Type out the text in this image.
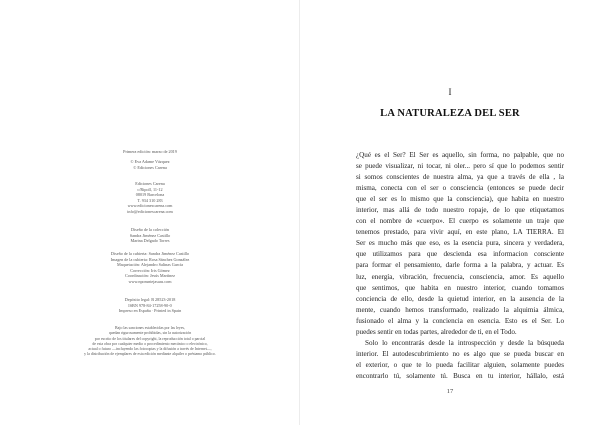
Primera edición: marzo de 2019
© Eva Adame Vázquez
© Ediciones Carena
Ediciones Carena
c/Ripoll, 11-12
08019 Barcelona
T. 934 310 283
www.edicionescarena.com
info@edicionescarena.com
Diseño de la colección
Sandra Jiménez Castillo
Marina Delgado Torres
Diseño de la cubierta: Sandra Jiménez Castillo
Imagen de la cubierta: Rosa Sánchez González
Maquetación: Alejandro Salinas García
Corrección: Iris Gómez
Coordinación: Jesús Martínez
www.nporuntejasaas.com
Depósito legal: B 28523-2018
ISBN 978-84-17258-90-0
Impreso en España · Printed in Spain
Bajo las sanciones establecidas por las leyes,
quedan rigurosamente prohibidas, sin la autorización
por escrito de los titulares del copyright, la reproducción total o parcial
de esta obra por cualquier medio o procedimiento mecánico o electrónico,
actual o futuro —incluyendo las fotocopias y la difusión a través de Internet—,
y la distribución de ejemplares de esta edición mediante alquiler o préstamo público.
I
LA NATURALEZA DEL SER
¿Qué es el Ser? El Ser es aquello, sin forma, no palpable, que no
se puede visualizar, ni tocar, ni oler... pero sí que lo podemos sentir
si somos conscientes de nuestra alma, ya que a través de ella , la
misma, conecta con el ser o consciencia (entonces se puede decir
que el ser es lo mismo que la consciencia), que habita en nuestro
interior, mas allá de todo nuestro ropaje, de lo que etiquetamos
con el nombre de «cuerpo». El cuerpo es solamente un traje que
tenemos prestado, para vivir aquí, en este plano, LA TIERRA. El
Ser es mucho más que eso, es la esencia pura, sincera y verdadera,
que utilizamos para que descienda esa informacion consciente
para formar el pensamiento, darle forma a la palabra, y actuar. Es
luz, energía, vibración, frecuencia, consciencia, amor. Es aquello
que sentimos, que habita en nuestro interior, cuando tomamos
conciencia de ello, desde la quietud interior, en la ausencia de la
mente, cuando hemos transformado, realizado la alquimia álmica,
fusionado el alma y la conciencia en esencia. Esto es el Ser. Lo
puedes sentir en todas partes, alrededor de ti, en el Todo.
Solo lo encontrarás desde la introspección y desde la búsqueda
interior. El autodescubrimiento no es algo que se pueda buscar en
el exterior, o que te lo pueda facilitar alguien, solamente puedes
encontrarlo tú, solamente tú. Busca en tu interior, hállalo, está
17
